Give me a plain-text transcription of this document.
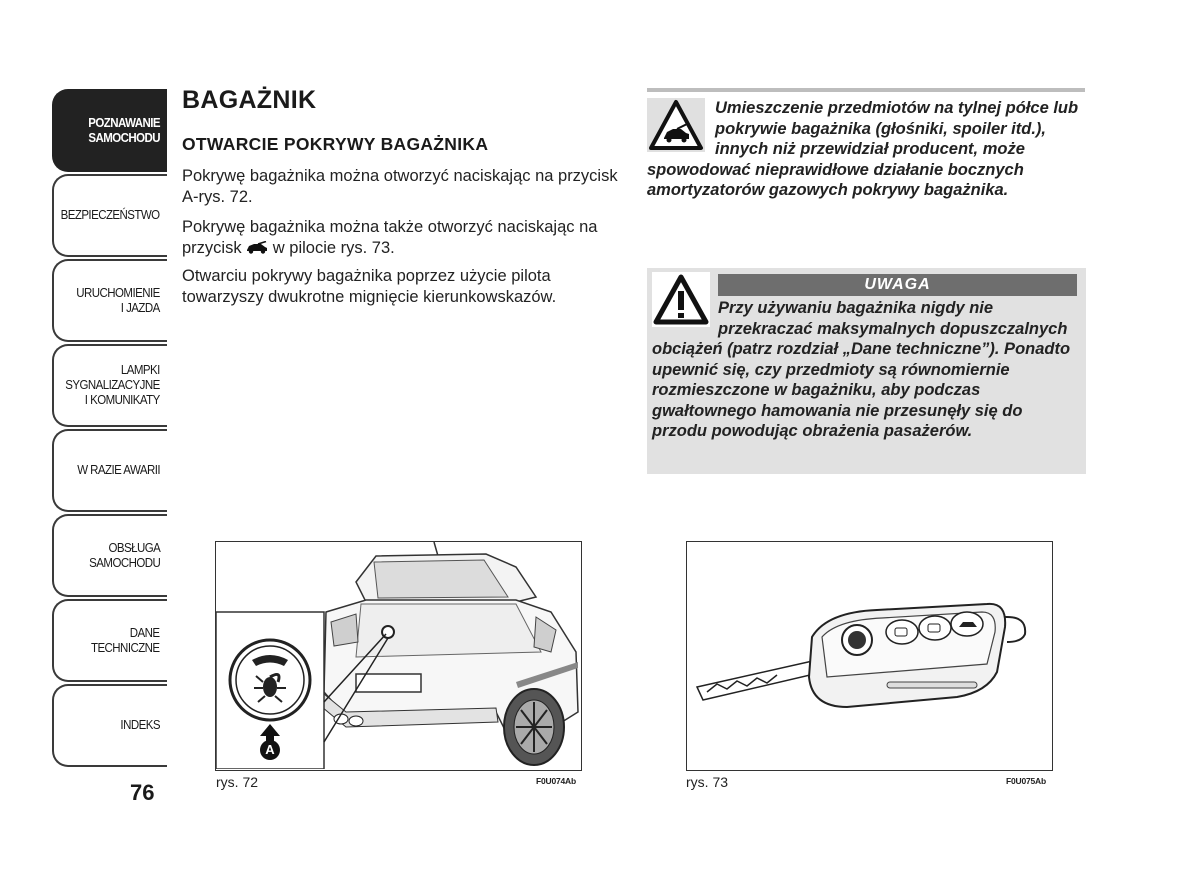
POZNAWANIE
SAMOCHODU
BEZPIECZEŃSTWO
URUCHOMIENIE
I JAZDA
LAMPKI
SYGNALIZACYJNE
I KOMUNIKATY
W RAZIE AWARII
OBSŁUGA
SAMOCHODU
DANE
TECHNICZNE
INDEKS
76
BAGAŻNIK
OTWARCIE POKRYWY BAGAŻNIKA
Pokrywę bagażnika można otworzyć naciskając na przycisk A-rys. 72.
Pokrywę bagażnika można także otworzyć naciskając na przycisk w pilocie rys. 73.
Otwarciu pokrywy bagażnika poprzez użycie pilota towarzyszy dwukrotne mignięcie kierunkowskazów.
Umieszczenie przedmiotów na tylnej półce lub pokrywie bagażnika (głośniki, spoiler itd.), innych niż przewidział producent, może spowodować nieprawidłowe działanie bocznych amortyzatorów gazowych pokrywy bagażnika.
UWAGA
Przy używaniu bagażnika nigdy nie przekraczać maksymalnych dopuszczalnych obciążeń (patrz rozdział „Dane techniczne”). Ponadto upewnić się, czy przedmioty są równomiernie rozmieszczone w bagażniku, aby podczas gwałtownego hamowania nie przesunęły się do przodu powodując obrażenia pasażerów.
ABARTH
A
rys. 72	F0U074Ab	rys. 73	F0U075Ab
